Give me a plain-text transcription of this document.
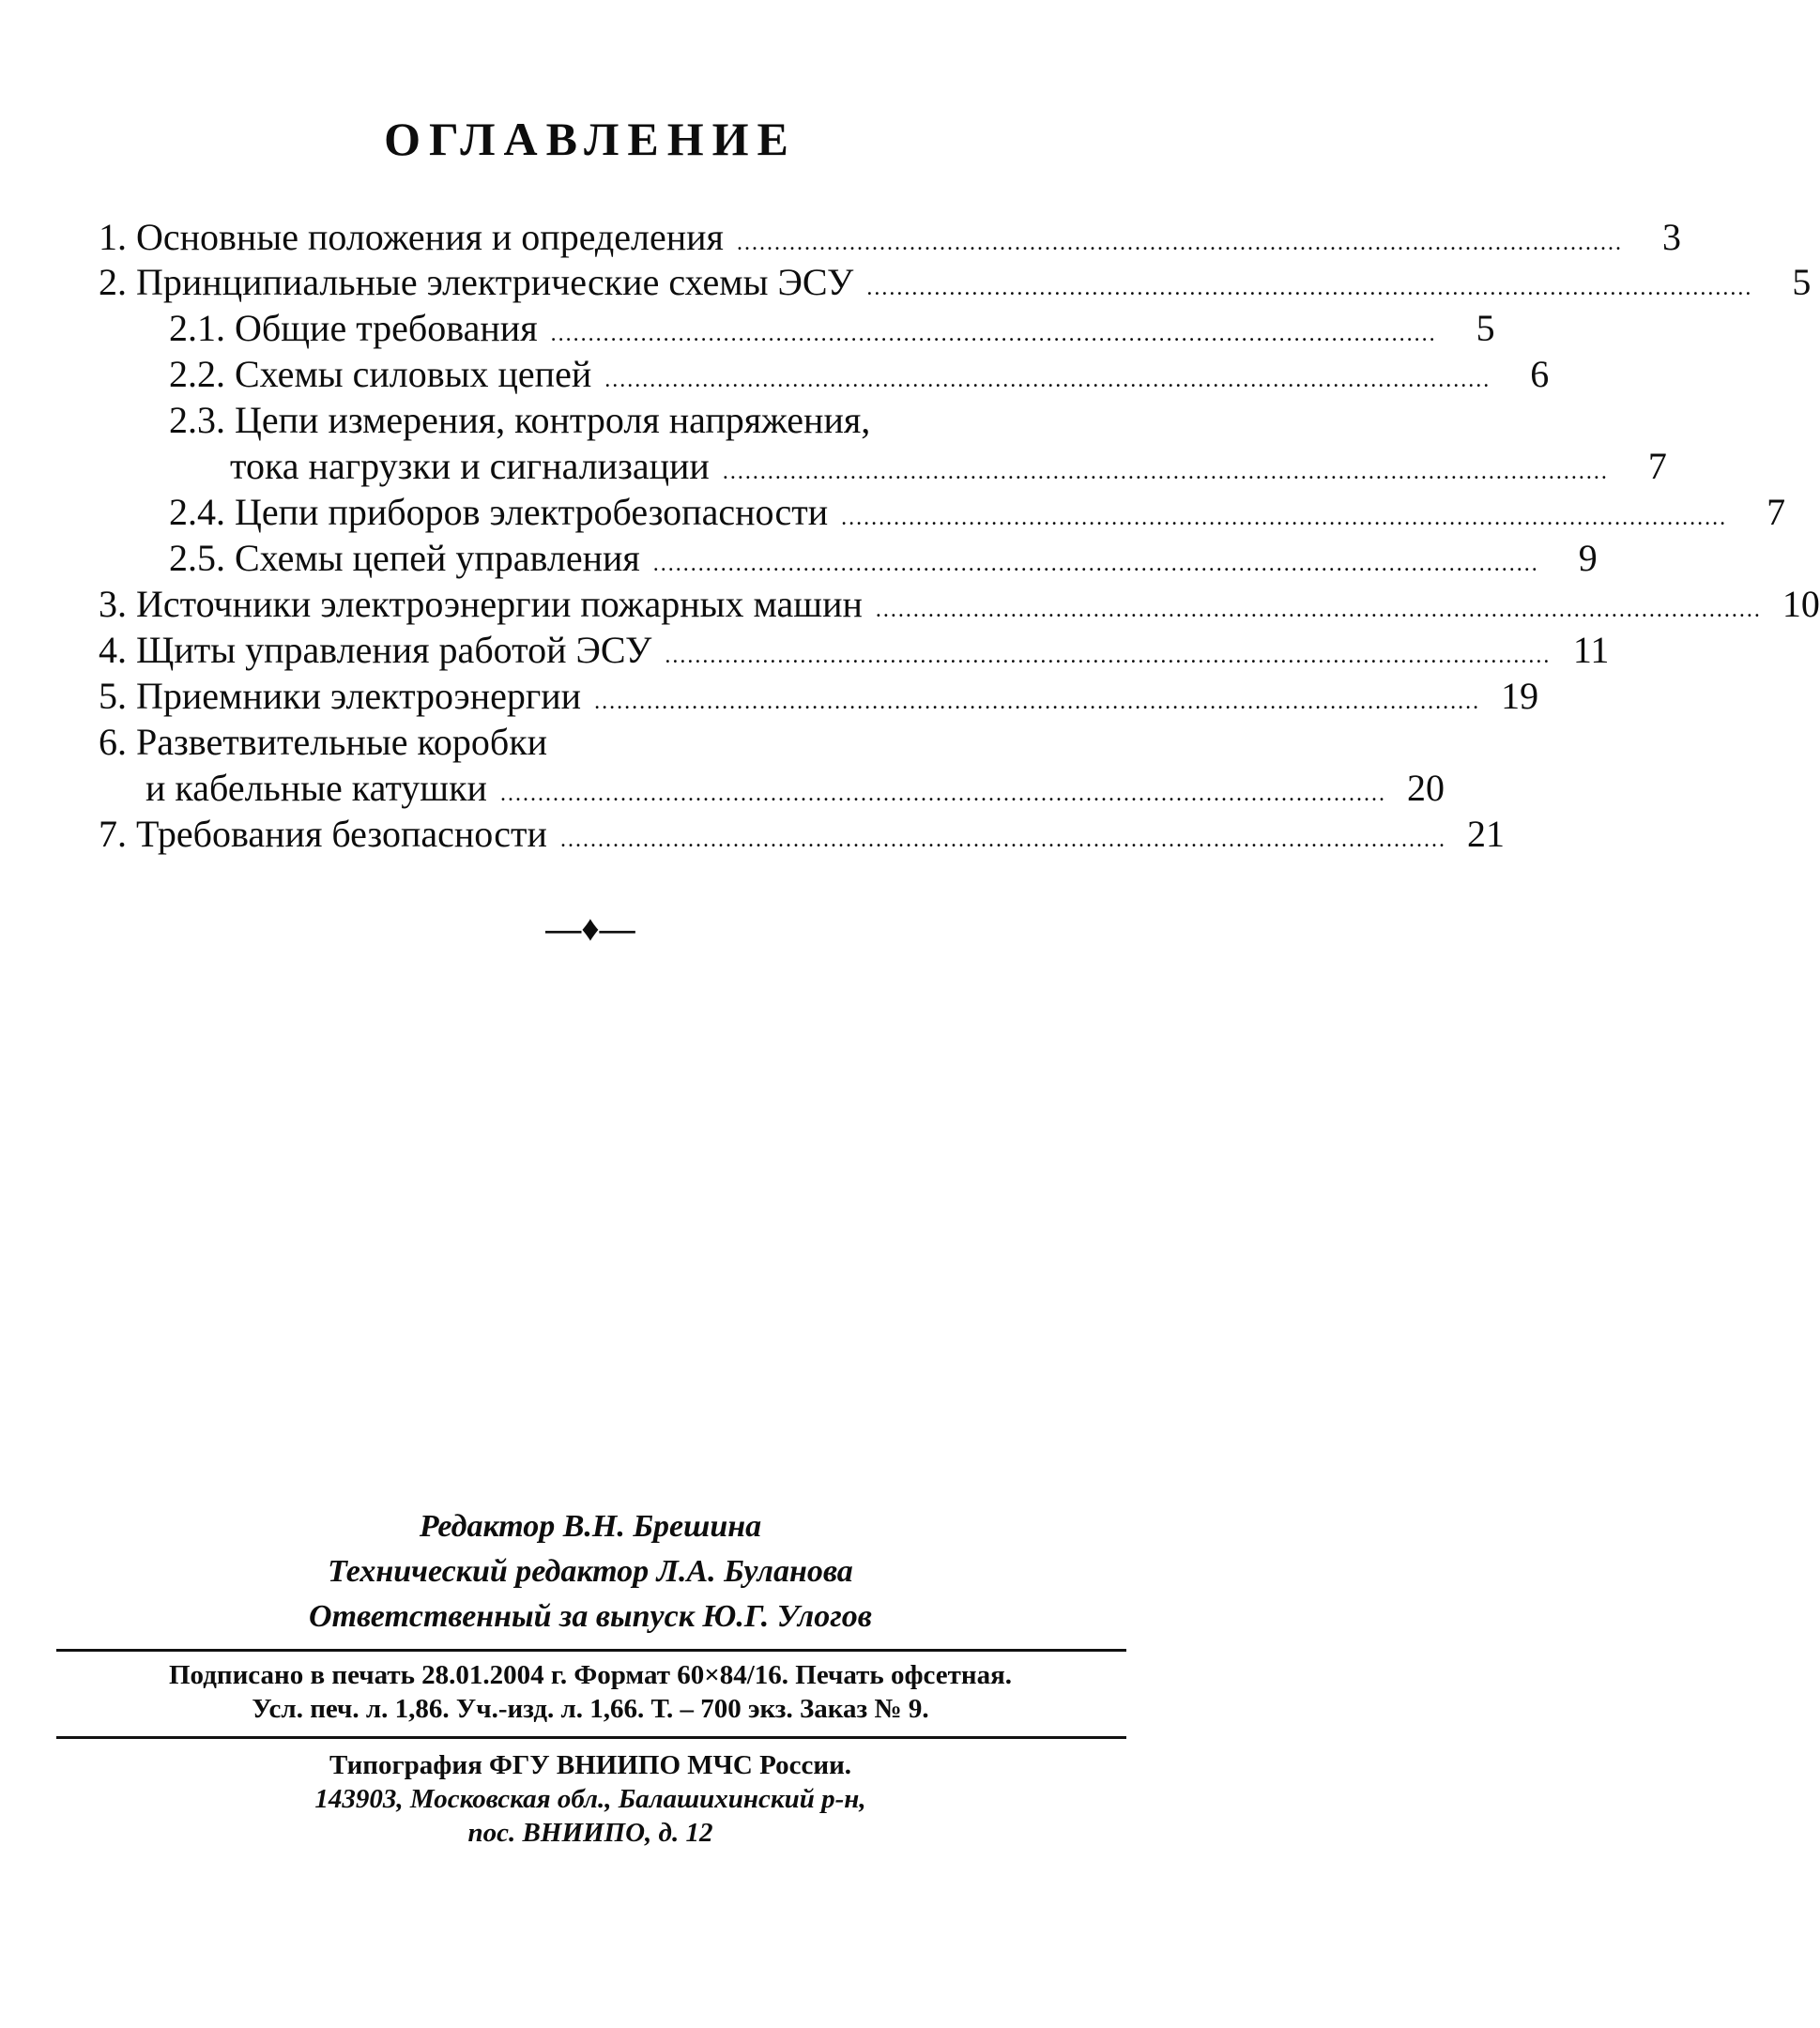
ОГЛАВЛЕНИЕ
1. Основные положения и определения ......................................................................................................................	3
2. Принципиальные электрические схемы ЭСУ ......................................................................................................................	5
2.1. Общие требования ......................................................................................................................	5
2.2. Схемы силовых цепей ......................................................................................................................	6
2.3. Цепи измерения, контроля напряжения,
тока нагрузки и сигнализации ......................................................................................................................	7
2.4. Цепи приборов электробезопасности ......................................................................................................................	7
2.5. Схемы цепей управления ......................................................................................................................	9
3. Источники электроэнергии пожарных машин ...................................................................................................................... 10
4. Щиты управления работой ЭСУ ...................................................................................................................... 11
5. Приемники электроэнергии ...................................................................................................................... 19
6. Разветвительные коробки
и кабельные катушки ...................................................................................................................... 20
7. Требования безопасности ...................................................................................................................... 21
—♦—
Редактор В.Н. Брешина
Технический редактор Л.А. Буланова
Ответственный за выпуск Ю.Г. Улогов
Подписано в печать 28.01.2004 г. Формат 60×84/16. Печать офсетная.
Усл. печ. л. 1,86. Уч.-изд. л. 1,66. Т. – 700 экз. Заказ № 9.
Типография ФГУ ВНИИПО МЧС России.
143903, Московская обл., Балашихинский р-н,
пос. ВНИИПО, д. 12
